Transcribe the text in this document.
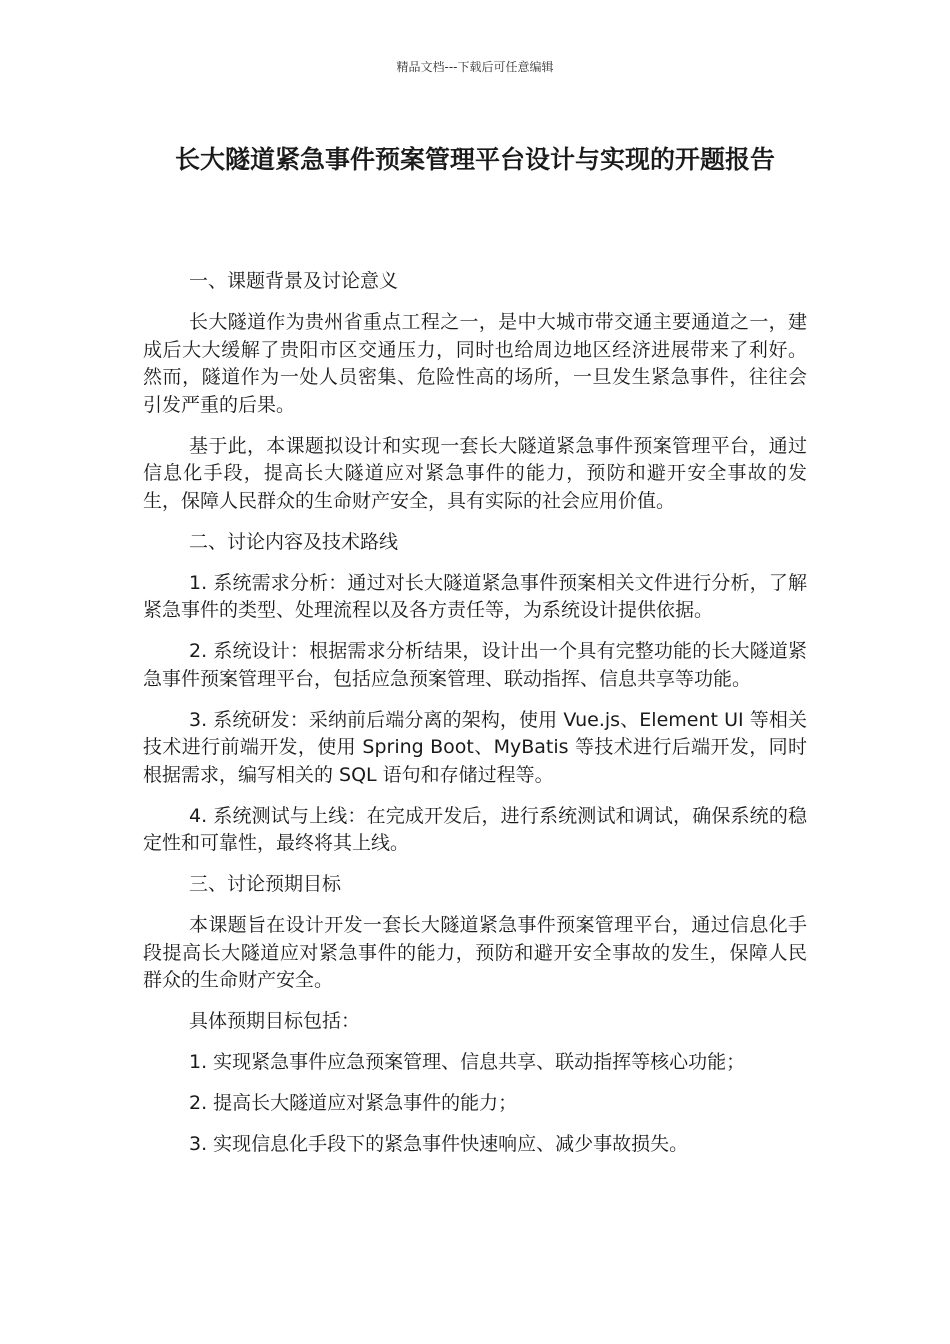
精品文档---下载后可任意编辑
长大隧道紧急事件预案管理平台设计与实现的开题报告

一、课题背景及讨论意义

长大隧道作为贵州省重点工程之一，是中大城市带交通主要通道之一，建成后大大缓解了贵阳市区交通压力，同时也给周边地区经济进展带来了利好。然而，隧道作为一处人员密集、危险性高的场所，一旦发生紧急事件，往往会引发严重的后果。

基于此，本课题拟设计和实现一套长大隧道紧急事件预案管理平台，通过信息化手段，提高长大隧道应对紧急事件的能力，预防和避开安全事故的发生，保障人民群众的生命财产安全，具有实际的社会应用价值。

二、讨论内容及技术路线

1. 系统需求分析：通过对长大隧道紧急事件预案相关文件进行分析，了解紧急事件的类型、处理流程以及各方责任等，为系统设计提供依据。

2. 系统设计：根据需求分析结果，设计出一个具有完整功能的长大隧道紧急事件预案管理平台，包括应急预案管理、联动指挥、信息共享等功能。

3. 系统研发：采纳前后端分离的架构，使用 Vue.js、Element UI 等相关技术进行前端开发，使用 Spring Boot、MyBatis 等技术进行后端开发，同时根据需求，编写相关的 SQL 语句和存储过程等。

4. 系统测试与上线：在完成开发后，进行系统测试和调试，确保系统的稳定性和可靠性，最终将其上线。

三、讨论预期目标

本课题旨在设计开发一套长大隧道紧急事件预案管理平台，通过信息化手段提高长大隧道应对紧急事件的能力，预防和避开安全事故的发生，保障人民群众的生命财产安全。

具体预期目标包括：

1. 实现紧急事件应急预案管理、信息共享、联动指挥等核心功能；

2. 提高长大隧道应对紧急事件的能力；

3. 实现信息化手段下的紧急事件快速响应、减少事故损失。
